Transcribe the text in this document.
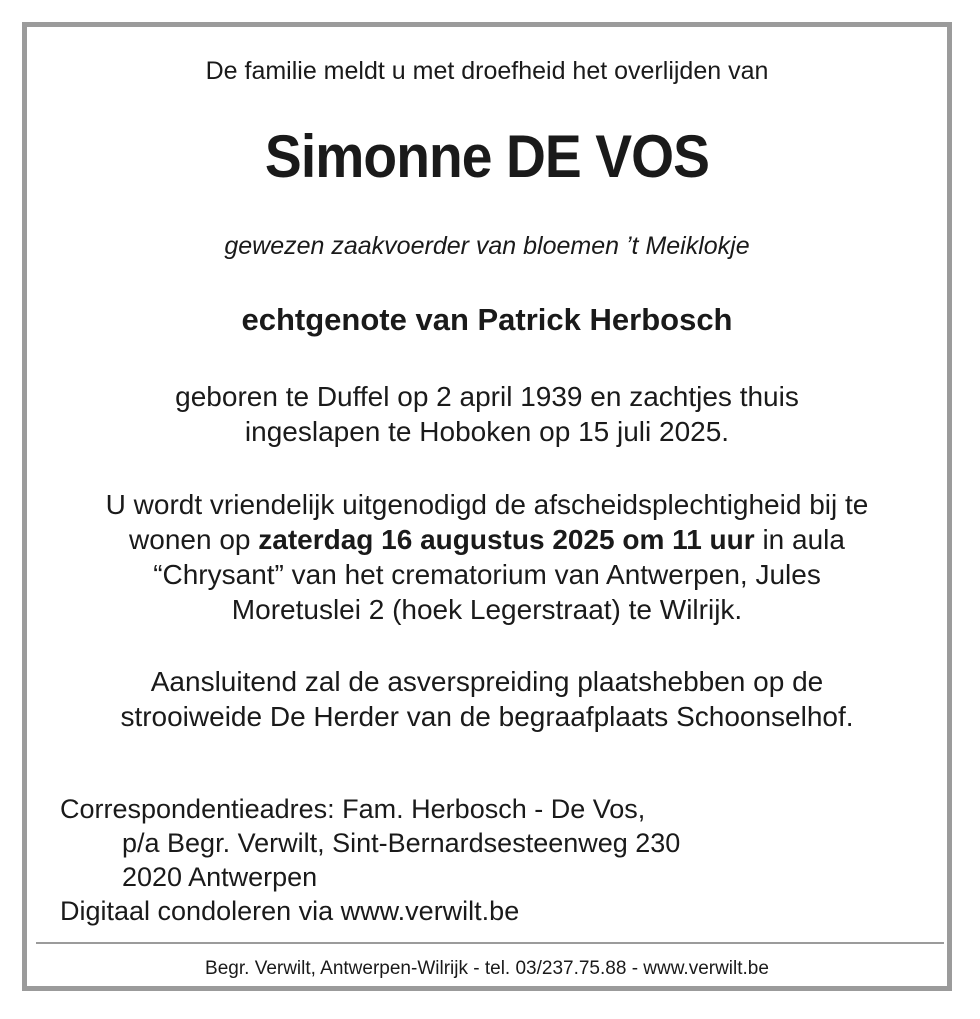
De familie meldt u met droefheid het overlijden van
Simonne DE VOS
gewezen zaakvoerder van bloemen ’t Meiklokje
echtgenote van Patrick Herbosch
geboren te Duffel op 2 april 1939 en zachtjes thuis
ingeslapen te Hoboken op 15 juli 2025.
U wordt vriendelijk uitgenodigd de afscheidsplechtigheid bij te
wonen op zaterdag 16 augustus 2025 om 11 uur in aula
“Chrysant” van het crematorium van Antwerpen, Jules
Moretuslei 2 (hoek Legerstraat) te Wilrijk.
Aansluitend zal de asverspreiding plaatshebben op de
strooiweide De Herder van de begraafplaats Schoonselhof.
Correspondentieadres: Fam. Herbosch - De Vos,
p/a Begr. Verwilt, Sint-Bernardsesteenweg 230
2020 Antwerpen
Digitaal condoleren via www.verwilt.be
Begr. Verwilt, Antwerpen-Wilrijk - tel. 03/237.75.88 - www.verwilt.be
